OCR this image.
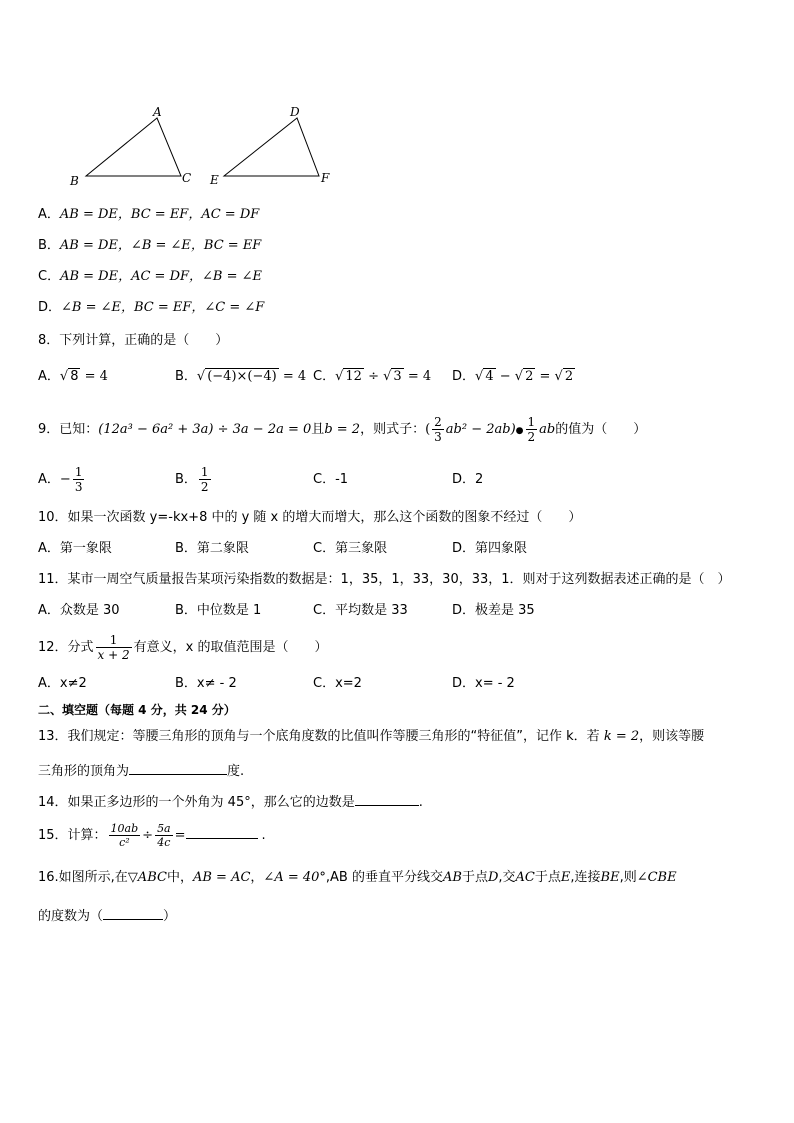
A
B	C
D
E	F
A．AB = DE，BC = EF，AC = DF
B．AB = DE，∠B = ∠E，BC = EF
C．AB = DE，AC = DF，∠B = ∠E
D．∠B = ∠E，BC = EF，∠C = ∠F
8．下列计算，正确的是（　　）
A．√ 8 = 4	B．√ (−4)×(−4) = 4 C．√ 12 ÷ √ 3 = 4 D．√ 4 − √ 2 = √ 2
9．已知：(12a³ − 6a² + 3a) ÷ 3a − 2a = 0且b = 2，则式子：( $\frac{2}{3} ab^2$ − 2ab)● $\frac{1}{2}$ ab的值为（　　）
A．− $\frac{1}{3}$	B． $\frac{1}{2}$	C．-1	D．2
10．如果一次函数 y=-kx+8 中的 y 随 x 的增大而增大，那么这个函数的图象不经过（　　）
A．第一象限	B．第二象限	C．第三象限	D．第四象限
11．某市一周空气质量报告某项污染指数的数据是：1，35，1，33，30，33，1．则对于这列数据表述正确的是（　）
A．众数是 30	B．中位数是 1	C．平均数是 33	D．极差是 35
12．分式 $\frac{1}{x + 2}$ 有意义，x 的取值范围是（　　）
A．x≠2	B．x≠ - 2	C．x=2	D．x= - 2
二、填空题（每题 4 分，共 24 分）
13．我们规定：等腰三角形的顶角与一个底角度数的比值叫作等腰三角形的“特征值”，记作 k．若 k = 2，则该等腰
三角形的顶角为	度.
14．如果正多边形的一个外角为 45°，那么它的边数是	.
15．计算： $\frac{10ab}{\text{c²}} \div \frac{5a}{4c}$ =	.
16.如图所示,在▽ABC中，AB = AC，∠A = 40°,AB 的垂直平分线交AB于点D,交AC于点E,连接BE,则∠CBE
的度数为（	）
